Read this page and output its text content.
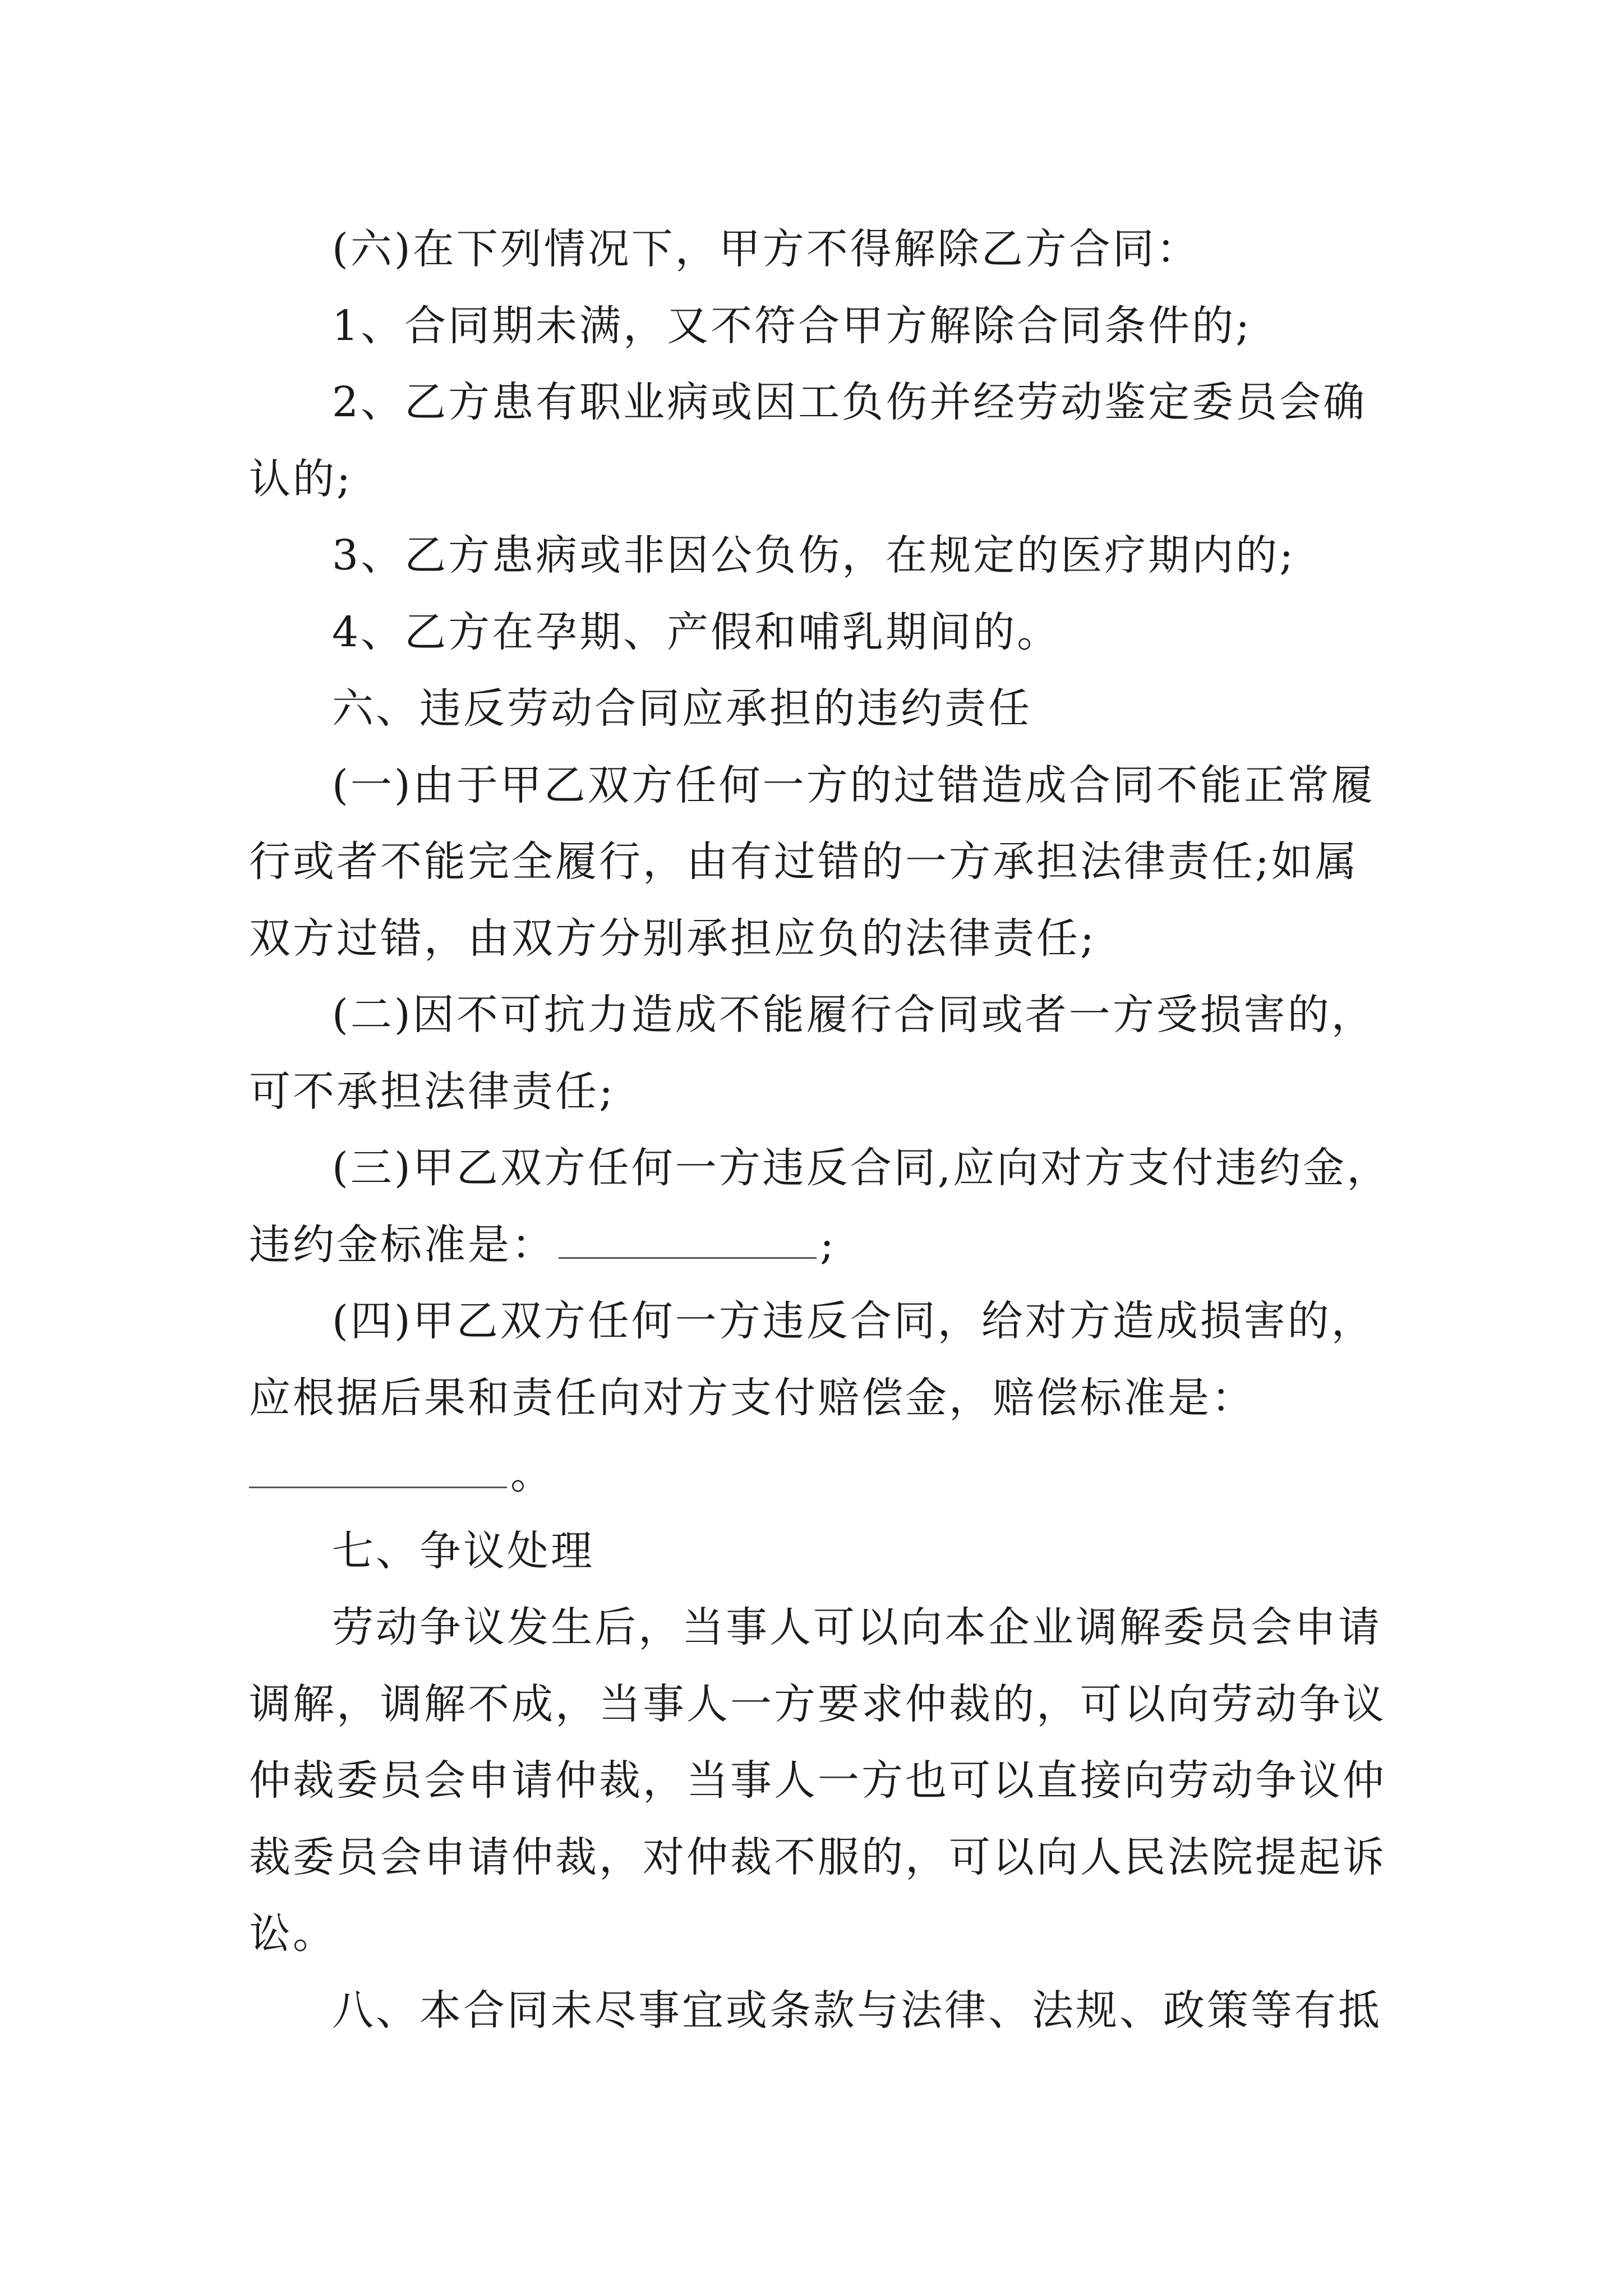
(六)在下列情况下，甲方不得解除乙方合同：

1、合同期未满，又不符合甲方解除合同条件的;

2、乙方患有职业病或因工负伤并经劳动鉴定委员会确认的;

3、乙方患病或非因公负伤，在规定的医疗期内的;

4、乙方在孕期、产假和哺乳期间的。

六、违反劳动合同应承担的违约责任

(一)由于甲乙双方任何一方的过错造成合同不能正常履行或者不能完全履行，由有过错的一方承担法律责任;如属双方过错，由双方分别承担应负的法律责任;

(二)因不可抗力造成不能履行合同或者一方受损害的，可不承担法律责任;

(三)甲乙双方任何一方违反合同,应向对方支付违约金，违约金标准是：	;

(四)甲乙双方任何一方违反合同，给对方造成损害的，应根据后果和责任向对方支付赔偿金，赔偿标准是：。

七、争议处理

劳动争议发生后，当事人可以向本企业调解委员会申请调解，调解不成，当事人一方要求仲裁的，可以向劳动争议仲裁委员会申请仲裁，当事人一方也可以直接向劳动争议仲裁委员会申请仲裁，对仲裁不服的，可以向人民法院提起诉讼。

八、本合同未尽事宜或条款与法律、法规、政策等有抵
